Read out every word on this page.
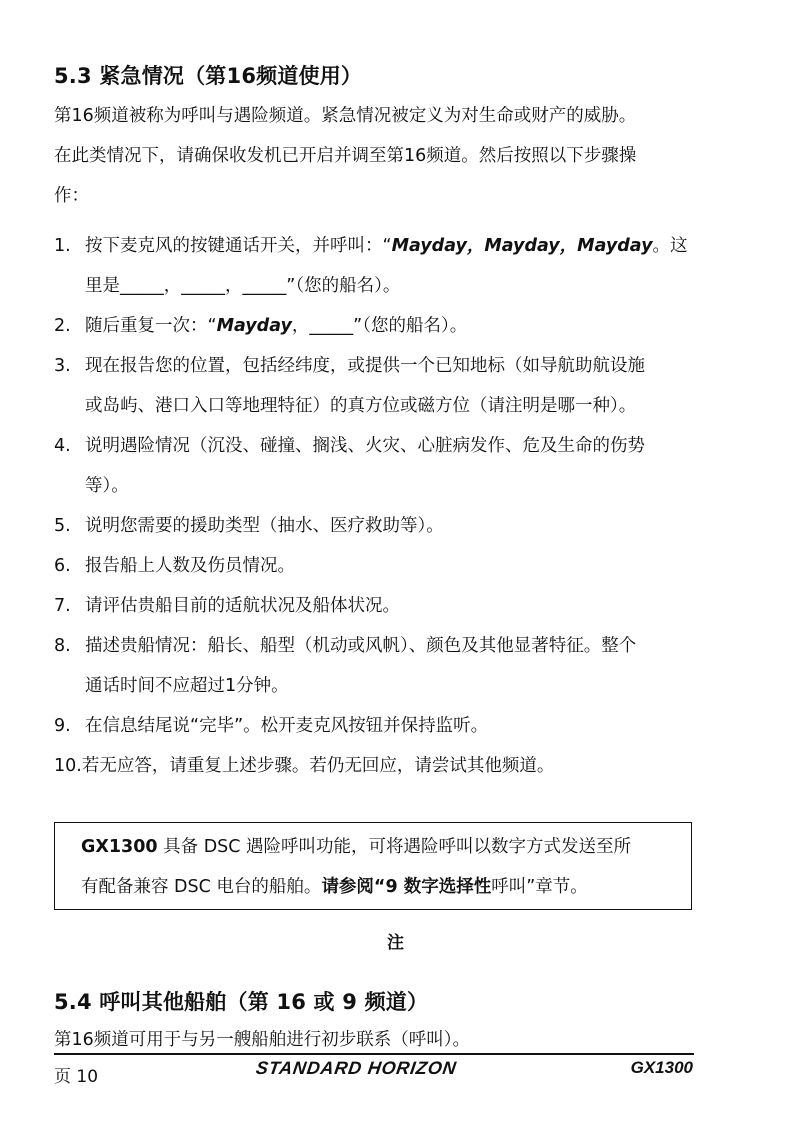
5.3 紧急情况（第16频道使用）

第16频道被称为呼叫与遇险频道。紧急情况被定义为对生命或财产的威胁。
在此类情况下，请确保收发机已开启并调至第16频道。然后按照以下步骤操
作：

1. 按下麦克风的按键通话开关，并呼叫：“Mayday，Mayday，Mayday。这
里是_____，_____，_____”（您的船名）。
2. 随后重复一次：“Mayday，_____”（您的船名）。
3. 现在报告您的位置，包括经纬度，或提供一个已知地标（如导航助航设施
或岛屿、港口入口等地理特征）的真方位或磁方位（请注明是哪一种）。
4. 说明遇险情况（沉没、碰撞、搁浅、火灾、心脏病发作、危及生命的伤势
等）。
5. 说明您需要的援助类型（抽水、医疗救助等）。
6. 报告船上人数及伤员情况。
7. 请评估贵船目前的适航状况及船体状况。
8. 描述贵船情况：船长、船型（机动或风帆）、颜色及其他显著特征。整个
通话时间不应超过1分钟。
9. 在信息结尾说“完毕”。松开麦克风按钮并保持监听。
10.若无应答，请重复上述步骤。若仍无回应，请尝试其他频道。

GX1300 具备 DSC 遇险呼叫功能，可将遇险呼叫以数字方式发送至所

有配备兼容 DSC 电台的船舶。请参阅“9 数字选择性呼叫”章节。

注
5.4 呼叫其他船舶（第 16 或 9 频道）

第16频道可用于与另一艘船舶进行初步联系（呼叫）。

页 10	STANDARD HORIZON	GX1300
